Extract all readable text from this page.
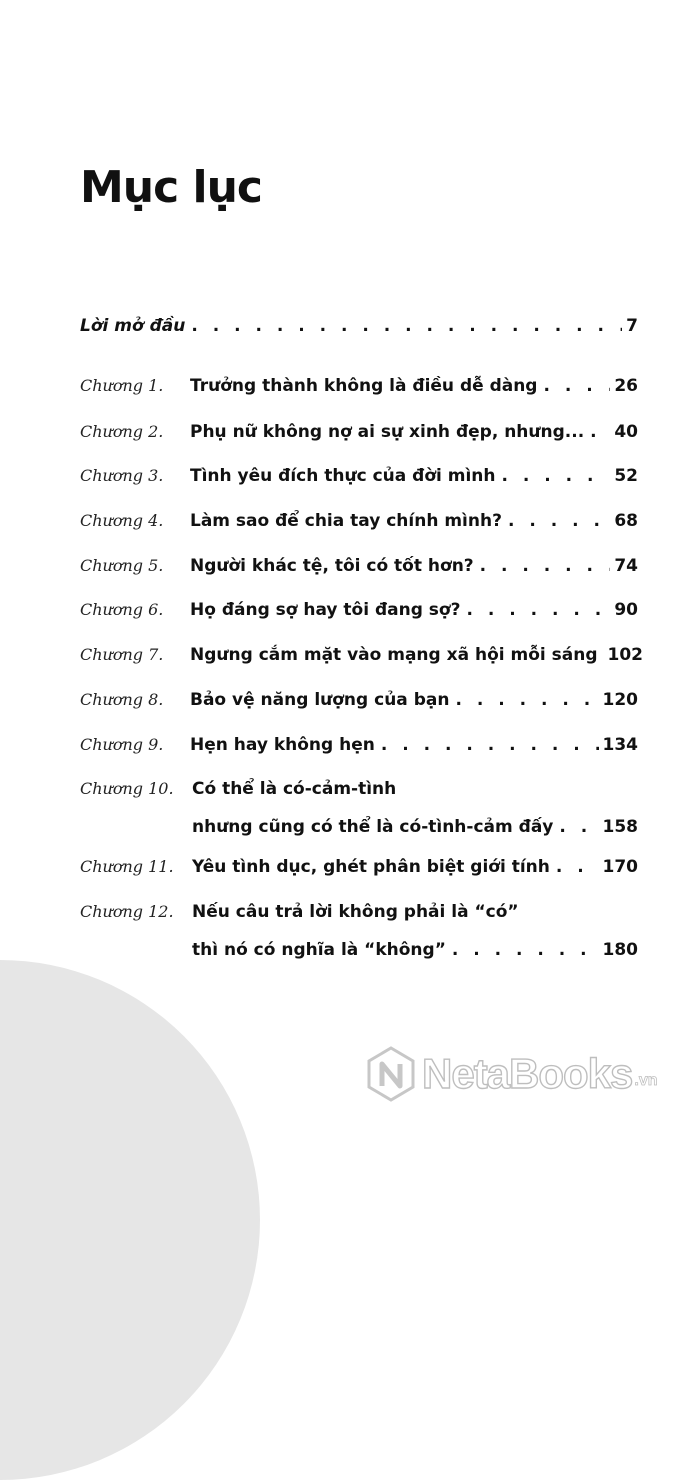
Mục lục
Lời mở đầu . . .	7
Chương 1.	Trưởng thành không là điều dễ dàng . . .	26
Chương 2.	Phụ nữ không nợ ai sự xinh đẹp, nhưng... . . . 40
Chương 3.	Tình yêu đích thực của đời mình . . .	52
Chương 4.	Làm sao để chia tay chính mình? . . .	68
Chương 5.	Người khác tệ, tôi có tốt hơn? . . .	74
Chương 6.	Họ đáng sợ hay tôi đang sợ? . . .	90
Chương 7.	Ngưng cắm mặt vào mạng xã hội mỗi sáng 102
Chương 8.	Bảo vệ năng lượng của bạn . . .	120
Chương 9.	Hẹn hay không hẹn . . .	134
Chương 10.	Có thể là có-cảm-tình
nhưng cũng có thể là có-tình-cảm đấy . . .	158
Chương 11.	Yêu tình dục, ghét phân biệt giới tính . . .	170
Chương 12.	Nếu câu trả lời không phải là “có”
thì nó có nghĩa là “không” . . .	180
NetaBooks .vn
